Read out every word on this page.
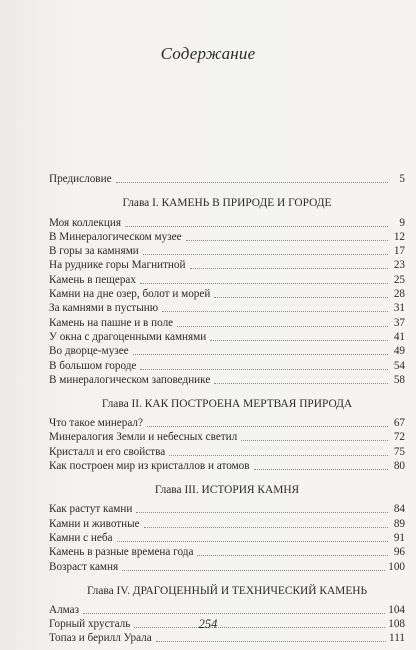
Содержание
Предисловие	5
Глава I. КАМЕНЬ В ПРИРОДЕ И ГОРОДЕ
Моя коллекция	9
В Минералогическом музее	12
В горы за камнями	17
На руднике горы Магнитной	23
Камень в пещерах	25
Камни на дне озер, болот и морей	28
За камнями в пустыню	31
Камень на пашне и в поле	37
У окна с драгоценными камнями	41
Во дворце-музее	49
В большом городе	54
В минералогическом заповеднике	58
Глава II. КАК ПОСТРОЕНА МЕРТВАЯ ПРИРОДА
Что такое минерал?	67
Минералогия Земли и небесных светил	72
Кристалл и его свойства	75
Как построен мир из кристаллов и атомов	80
Глава III. ИСТОРИЯ КАМНЯ
Как растут камни	84
Камни и животные	89
Камни с неба	91
Камень в разные времена года	96
Возраст камня	100
Глава IV. ДРАГОЦЕННЫЙ И ТЕХНИЧЕСКИЙ КАМЕНЬ
Алмаз	104
Горный хрусталь	108
Топаз и берилл Урала	111
254
